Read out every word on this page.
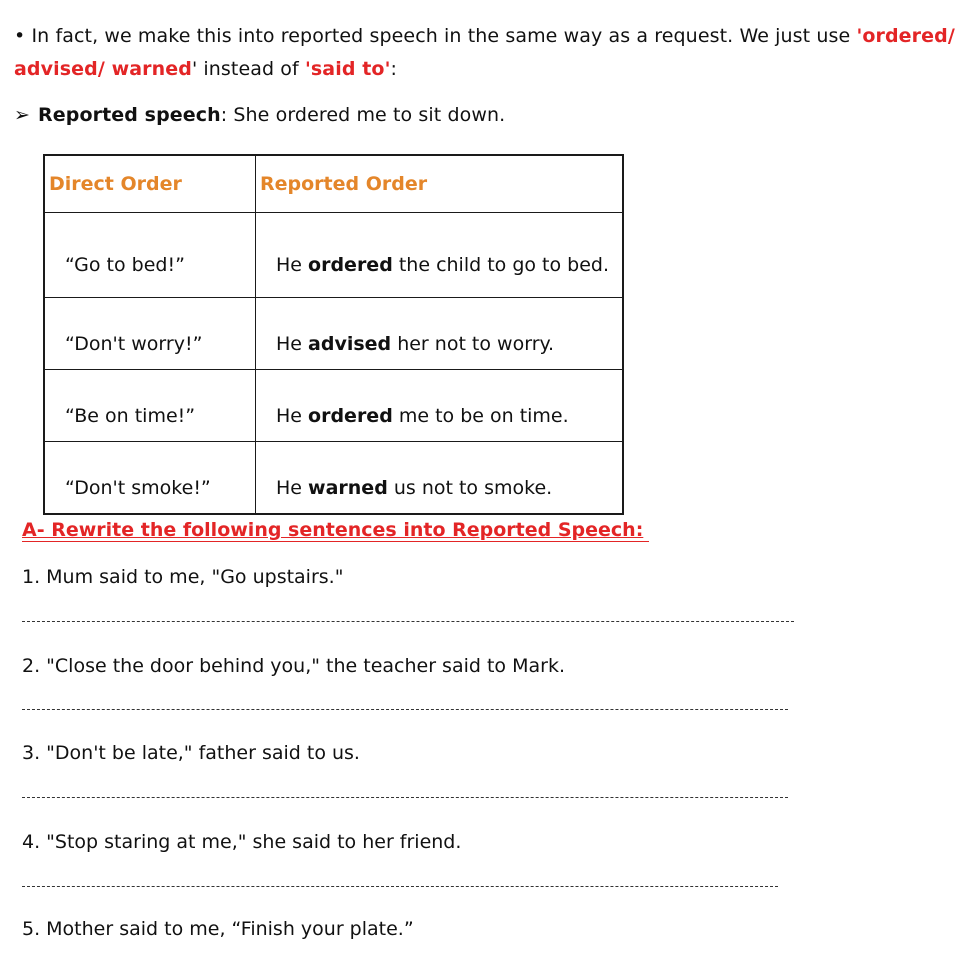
• In fact, we make this into reported speech in the same way as a request. We just use 'ordered/
advised/ warned' instead of 'said to':
➢ Reported speech: She ordered me to sit down.
Direct Order	Reported Order
“Go to bed!”	He ordered the child to go to bed.
“Don't worry!”	He advised her not to worry.
“Be on time!”	He ordered me to be on time.
“Don't smoke!”	He warned us not to smoke.
A- Rewrite the following sentences into Reported Speech:
1. Mum said to me, "Go upstairs."
2. "Close the door behind you," the teacher said to Mark.
3. "Don't be late," father said to us.
4. "Stop staring at me," she said to her friend.
5. Mother said to me, “Finish your plate.”
